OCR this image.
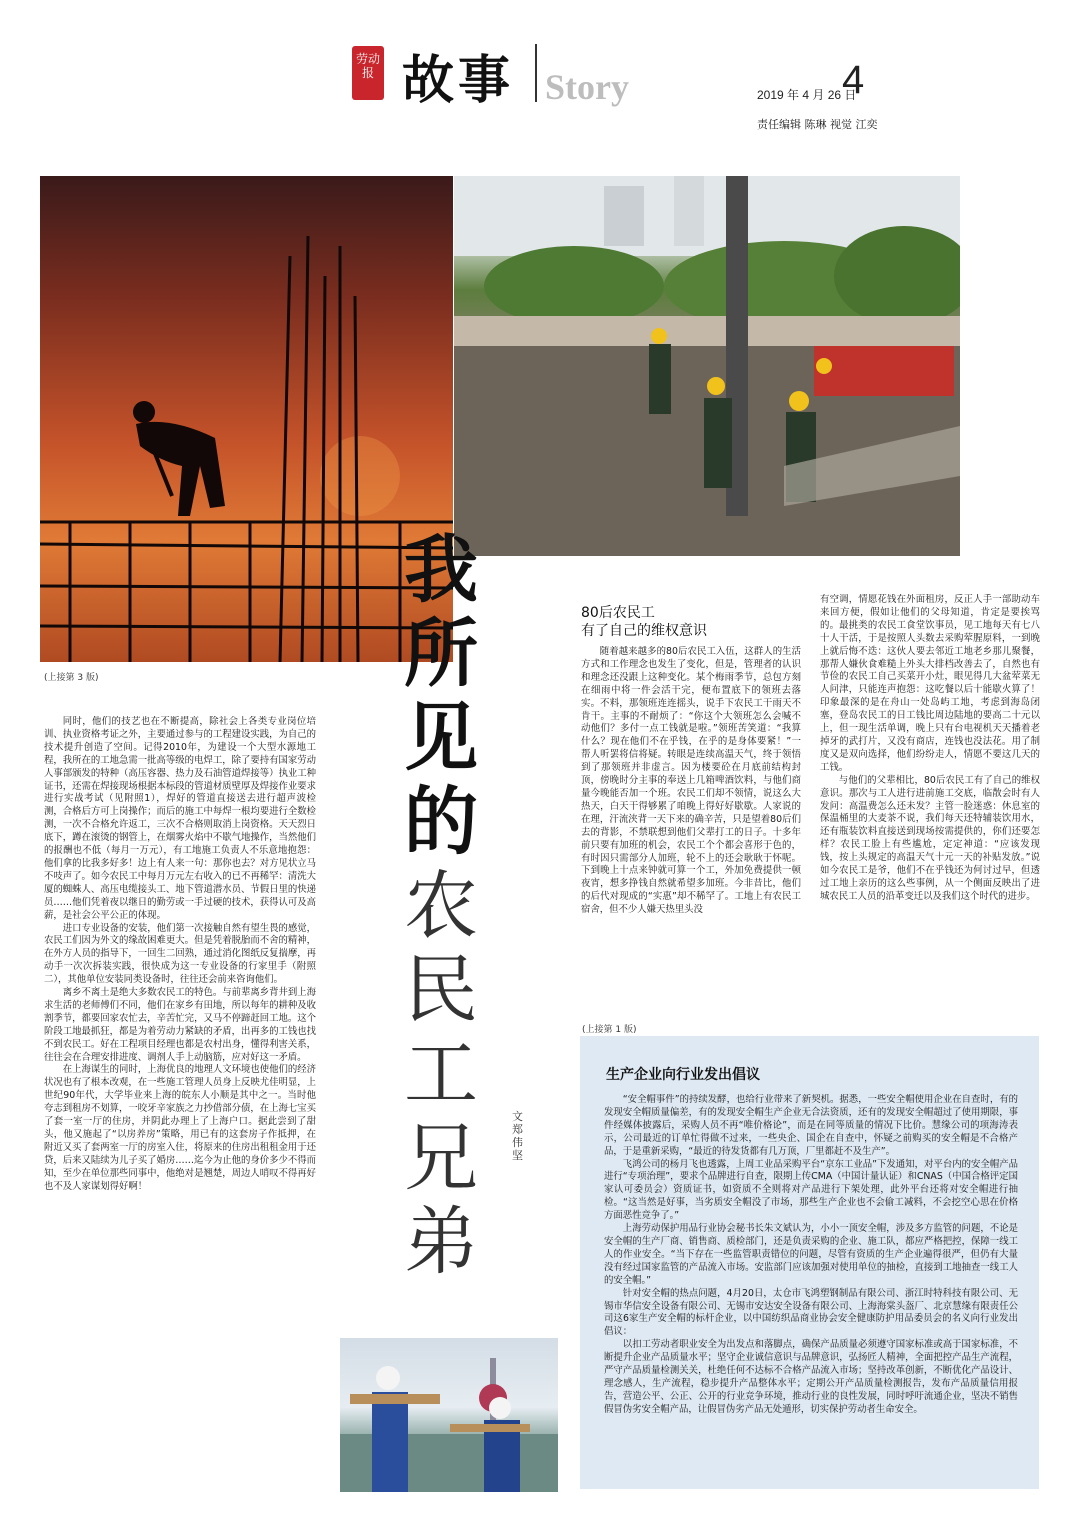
劳动报 故事 Story	2019 年 4 月 26 日
4
责任编辑 陈琳 视觉 江奕
(上接第 3 版)
我
所
见
的
农
民
工
兄
弟
文
郑
伟
坚

同时，他们的技艺也在不断提高，除社会上各类专业岗位培训、执业资格考证之外，主要通过参与的工程建设实践，为自己的技术提升创造了空间。记得2010年，为建设一个大型水源地工程，我所在的工地急需一批高等级的电焊工，除了要持有国家劳动人事部颁发的特种（高压容器、热力及石油管道焊接等）执业工种证书，还需在焊接现场根据本标段的管道材质壁厚及焊接作业要求进行实战考试（见附照1），焊好的管道直接送去进行超声波检测，合格后方可上岗操作；而后的施工中每焊一根均要进行全数检测，一次不合格允许返工，三次不合格则取消上岗资格。天天烈日底下，蹲在滚烫的钢管上，在烟雾火焰中不歇气地操作，当然他们的报酬也不低（每月一万元），有工地施工负责人不乐意地抱怨：他们拿的比我多好多！边上有人来一句：那你也去？对方见状立马不吱声了。如今农民工中每月万元左右收入的已不再稀罕：清洗大厦的蜘蛛人、高压电缆接头工、地下管道潜水员、节假日里的快递员……他们凭着夜以继日的勤劳或一手过硬的技术，获得认可及高薪，是社会公平公正的体现。

进口专业设备的安装，他们第一次接触自然有望生畏的感觉，农民工们因为外文的缘故困难更大。但是凭着脱胎而不舍的精神，在外方人员的指导下，一回生二回熟，通过消化图纸反复揣摩，再动手一次次拆装实践，很快成为这一专业设备的行家里手（附照二），其他单位安装同类设备时，往往还会前来咨询他们。

离乡不离土是绝大多数农民工的特色。与前辈离乡背井到上海求生活的老师傅们不同，他们在家乡有田地，所以每年的耕种及收割季节，都要回家农忙去，辛苦忙完，又马不停蹄赶回工地。这个阶段工地最抓狂，都是为着劳动力紧缺的矛盾，出再多的工钱也找不到农民工。好在工程项目经理也都是农村出身，懂得利害关系，往往会在合理安排进度、调剂人手上动脑筋，应对好这一矛盾。

在上海谋生的同时，上海优良的地理人文环境也使他们的经济状况也有了根本改观，在一些施工管理人员身上反映尤佳明显，上世纪90年代，大学毕业来上海的皖东人小顺是其中之一。当时他夸志到租房不划算，一咬牙辛家族之力抄借部分债，在上海七宝买了套一室一厅的住房，并阴此办理上了上海户口。据此尝到了甜头，他又施起了“以房养房”策略，用已有的这套房子作抵押，在附近又买了套两室一厅的房室入住，将原来的住房出租租金用于还贷，后来又陆续为儿子买了婚房……迄今为止他的身价多少不得而知，至少在单位那些同事中，他绝对是翘楚，周边人哨叹不得再好也不及人家谋划得好啊！

80后农民工
有了自己的维权意识

随着越来越多的80后农民工入伍，这群人的生活方式和工作理念也发生了变化，但是，管理者的认识和理念还没跟上这种变化。某个梅雨季节，总包方刻在细雨中将一件会活干完，便布置底下的领班去落实。不料，那领班连连摇头，说手下农民工干雨天不肯干。主事的不耐烦了：“你这个大领班怎么会喊不动他们？多付一点工钱就是啦。”领班苦笑道：“我算什么？现在他们不在乎钱，在乎的是身体要紧！”一帮人听罢将信将疑。转眼是连续高温天气，终于领悟到了那领班并非虚言。因为楼要砼在月底前结构封顶，傍晚时分主事的奉送上几箱啤酒饮料，与他们商量今晚能否加一个班。农民工们却不领情，说这么大热天，白天干得够累了咱晚上得好好歇歇。人家说的在理，汗流浃背一天下来的确辛苦，只是望着80后们去的背影，不禁联想到他们父辈打工的日子。十多年前只要有加班的机会，农民工个个都会喜形于色的，有时因只需部分人加班，轮不上的还会耿耿于怀呢。下到晚上十点来钟就可算一个工，外加免费提供一顿夜宵，想多挣钱自然就希望多加班。今非昔比，他们的后代对现成的“实惠”却不稀罕了。工地上有农民工宿舍，但不少人嫌天热里头没

有空调，情愿花钱在外面租房，反正人手一部助动车来回方便，假如让他们的父母知道，肯定是要挨骂的。最挑类的农民工食堂饮事员，见工地每天有七八十人干活，于是按照人头数去采购荤腥原料，一到晚上就后悔不迭：这伙人要去邻近工地老乡那儿聚餐，那帮人嫌伙食难糙上外头大排档改善去了，自然也有节俭的农民工自己买菜开小灶，眼见得几大盆荤菜无人问津，只能连声抱怨：这吃餐以后十能歇火算了！印象最深的是在舟山一处岛屿工地，考虑到海岛闭塞，登岛农民工的日工钱比周边陆地的要高二十元以上，但一现生活单调，晚上只有台电视机天天播着老掉牙的武打片，又没有商店，连钱也没法花。用了制度又是双向选择，他们纷纷走人，情愿不要这几天的工钱。

与他们的父辈相比，80后农民工有了自己的维权意识。那次与工人进行进前施工交底，临散会时有人发问：高温费怎么还未发？主管一脸迷惑：休息室的保温桶里的大麦茶不说，我们每天还特辅装饮用水，还有瓶装饮料直接送到现场按需提供的，你们还要怎样？农民工脸上有些尴尬，定定神道：“应该发现钱，按上头规定的高温天气十元一天的补贴发放。”说如今农民工是爷，他们不在乎钱还为何讨过早，但透过工地上亲历的这么些事例，从一个侧面反映出了进城农民工人员的沿革变迁以及我们这个时代的进步。

(上接第 1 版)
生产企业向行业发出倡议

“安全帽事件”的持续发酵，也给行业带来了新契机。据悉，一些安全帽使用企业在自查时，有的发现安全帽质量偏差，有的发现安全帽生产企业无合法资质，还有的发现安全帽超过了使用期限，事件经媒体披露后，采购人员不再“唯价格论”，而是在同等质量的情况下比价。慧缘公司的项海涛表示，公司最近的订单忙得做不过来，一些央企、国企在自查中，怀疑之前购买的安全帽是不合格产品，于是重新采购，“最近的待发货都有几万顶，厂里都赶不及生产”。

飞鸿公司的杨月飞也透露，上周工业品采购平台“京东工业品”下发通知，对平台内的安全帽产品进行“专项治理”，要求个品牌进行自查，限期上传CMA（中国计量认证）和CNAS（中国合格评定国家认可委员会）资质证书，如资质不全则将对产品进行下架处理，此外平台还将对安全帽进行抽检。“这当然是好事，当劣质安全帽没了市场，那些生产企业也不会偷工减料，不会挖空心思在价格方面恶性竞争了。”

上海劳动保护用品行业协会秘书长朱文斌认为，小小一顶安全帽，涉及多方监管的问题，不论是安全帽的生产厂商、销售商、质检部门，还是负责采购的企业、施工队，都应严格把控，保障一线工人的作业安全。“当下存在一些监管职责错位的问题，尽管有资质的生产企业遍得很严，但仍有大量没有经过国家监管的产品流入市场。安监部门应该加强对使用单位的抽检，直接到工地抽查一线工人的安全帽。”

针对安全帽的热点问题，4月20日，太仓市飞鸿塑钢制品有限公司、浙江时特科技有限公司、无锡市华信安全设备有限公司、无锡市安达安全设备有限公司、上海海棠头盔厂、北京慧缘有限责任公司这6家生产安全帽的标杆企业，以中国纺织品商业协会安全健康防护用品委员会的名义向行业发出倡议：

以扣工劳动者职业安全为出发点和落脚点，确保产品质量必须遵守国家标准或高于国家标准，不断提升企业产品质量水平；坚守企业诚信意识与品牌意识，弘扬匠人精神，全面把控产品生产流程，严守产品质量检测关关，杜绝任何不达标不合格产品流入市场；坚持改革创新，不断优化产品设计、理念感人，生产流程，稳步提升产品整体水平；定期公开产品质量检测报告，发布产品质量信用报告，营造公平、公正、公开的行业竞争环境，推动行业的良性发展，同时呼吁流通企业，坚决不销售假冒伪劣安全帽产品，让假冒伪劣产品无处遁形，切实保护劳动者生命安全。
